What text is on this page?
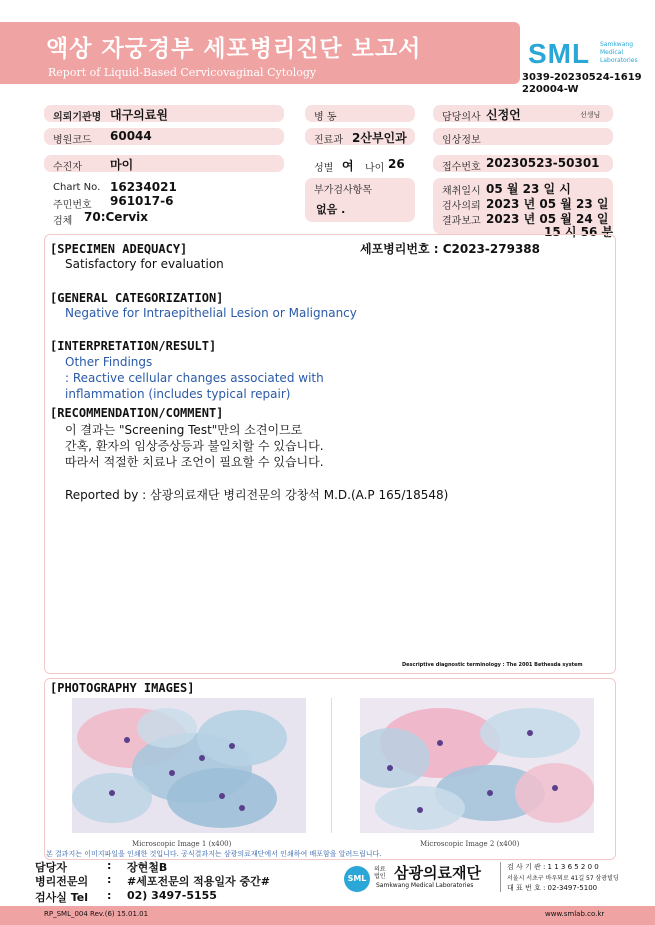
액상 자궁경부 세포병리진단 보고서
Report of Liquid-Based Cervicovaginal Cytology
SML Samkwang Medical Laboratories
3039-20230524-1619
220004-W
의뢰기관명 대구의료원	병 동	담당의사 신정언	선생님
병원코드 60044	진료과 2산부인과	임상정보
수진자 마이	성별 여 나이 26	접수번호 20230523-50301
Chart No. 16234021
주민번호 961017-6
검체 70:Cervix
부가검사항목
없음 .
채취일시 05 월 23 일 시
검사의뢰 2023 년 05 월 23 일
결과보고 2023 년 05 월 24 일
15 시 56 분
[SPECIMEN ADEQUACY]	세포병리번호 : C2023-279388
Satisfactory for evaluation
[GENERAL CATEGORIZATION]
Negative for Intraepithelial Lesion or Malignancy
[INTERPRETATION/RESULT]
Other Findings
: Reactive cellular changes associated with
inflammation (includes typical repair)
[RECOMMENDATION/COMMENT]
이 결과는 "Screening Test"만의 소견이므로
간혹, 환자의 임상증상등과 불일치할 수 있습니다.
따라서 적절한 치료나 조언이 필요할 수 있습니다.
Reported by : 삼광의료재단 병리전문의 강창석 M.D.(A.P 165/18548)
Descriptive diagnostic terminology : The 2001 Bethesda system
[PHOTOGRAPHY IMAGES]
Microscopic Image 1 (x400)	Microscopic Image 2 (x400)
본 결과지는 이미지파일을 인쇄한 것입니다. 공식결과지는 삼광의료재단에서 인쇄하여 배포함을 알려드립니다.
담당자	: 장현철B
병리전문의 : #세포전문의 적용일자 중간#
검사실 Tel : 02) 3497-5155
SML
의료
법인 삼광의료재단
Samkwang Medical Laboratories
검 사 기 관 : 1 1 3 6 5 2 0 0
서울시 서초구 바우뫼로 41길 57 삼광빌딩
대 표 번 호 : 02-3497-5100
RP_SML_004 Rev.(6) 15.01.01	www.smlab.co.kr
